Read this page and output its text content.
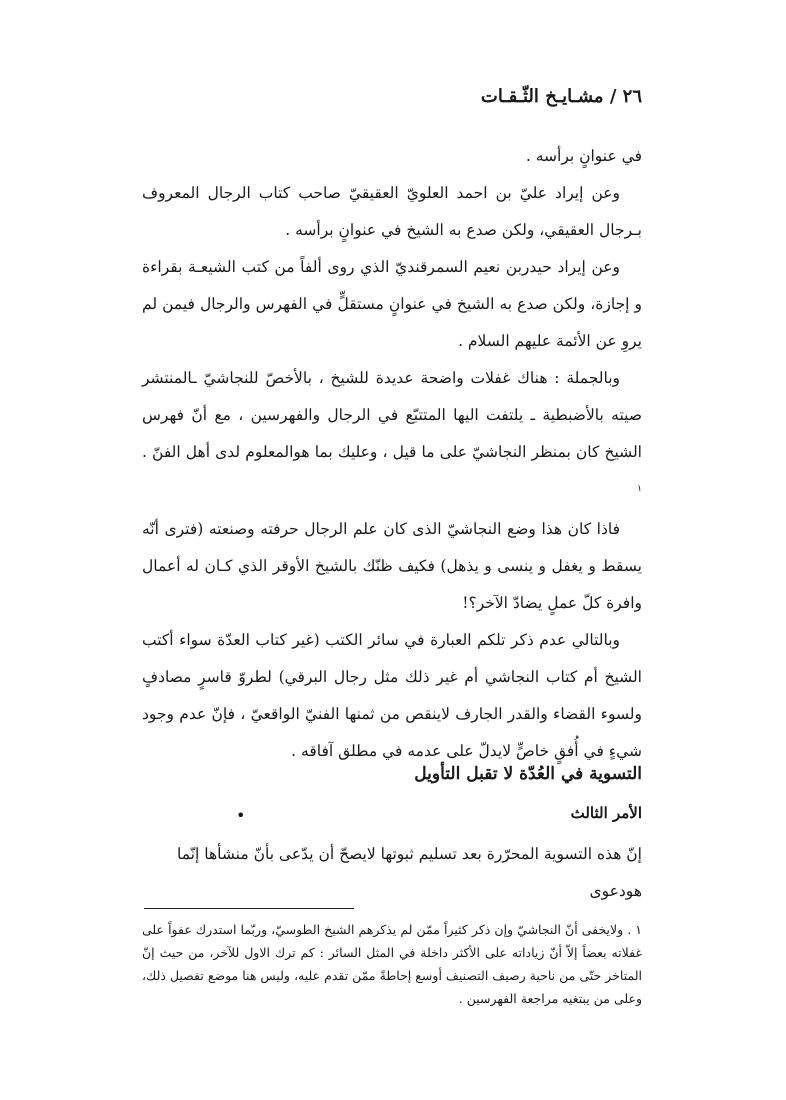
٢٦ / مشـايـخ الثّـقـات

في عنوانٍ برأسه .

وعن إيراد عليّ بن احمد العلويّ العقيقيّ صاحب كتاب الرجال المعروف بـرجال العقيقي، ولكن صدع به الشيخ في عنوانٍ برأسه .

وعن إيراد حيدربن نعيم السمرقنديّ الذي روى ألفاً من كتب الشيعـة بقراءة و إجازة، ولكن صدع به الشيخ في عنوانٍ مستقلٍّ في الفهرس والرجال فيمن لم يروِ عن الأئمة عليهم السلام .

وبالجملة : هناك غفلات واضحة عديدة للشيخ ، بالأخصّ للنجاشيّ ـالمنتشر صيته بالأضبطية ـ يلتفت اليها المتتبّع في الرجال والفهرسين ، مع أنّ فهرس الشيخ كان بمنظر النجاشيّ على ما قيل ، وعليك بما هوالمعلوم لدى أهل الفنّ . $^١$

فاذا كان هذا وضع النجاشيّ الذى كان علم الرجال حرفته وصنعته (فترى أنّه يسقط و يغفل و ينسى و يذهل) فكيف ظنّك بالشيخ الأوقر الذي كـان له أعمال وافرة كلّ عملٍ يضادّ الآخر؟!

وبالتالي عدم ذكر تلكم العبارة في سائر الكتب (غير كتاب العدّة سواء أكتب الشيخ أم كتاب النجاشي أم غير ذلك مثل رجال البرقي) لطروّ قاسرٍ مصادفٍ ولسوء القضاء والقدر الجارف لاينقص من ثمنها الفنيّ الواقعيّ ، فإنّ عدم وجود شيءٍ في أُفقٍ خاصٍّ لايدلّ على عدمه في مطلق آفاقه .

التسوية في العُدّة لا تقبل التأويل
الأمر الثالث
•

إنّ هذه التسوية المحرّرة بعد تسليم ثبوتها لايصحّ أن يدّعى بأنّ منشأها إنّما هودعوى

١ . ولايخفى أنّ النجاشيّ وإن ذكر كثيراً ممّن لم يذكرهم الشيخ الطوسيّ، وربّما استدرك عفواً على غفلاته بعضاً إلاّ أنّ زياداته على الأكثر داخلة في المثل السائر : كم ترك الاول للآخر، من حيث إنّ المتاخر حتّى من ناحية رصيف التصنيف أوسع إحاطةً ممّن تقدم عليه، وليس هنا موضع تفصيل ذلك، وعلى من يبتغيه مراجعة الفهرسين .
